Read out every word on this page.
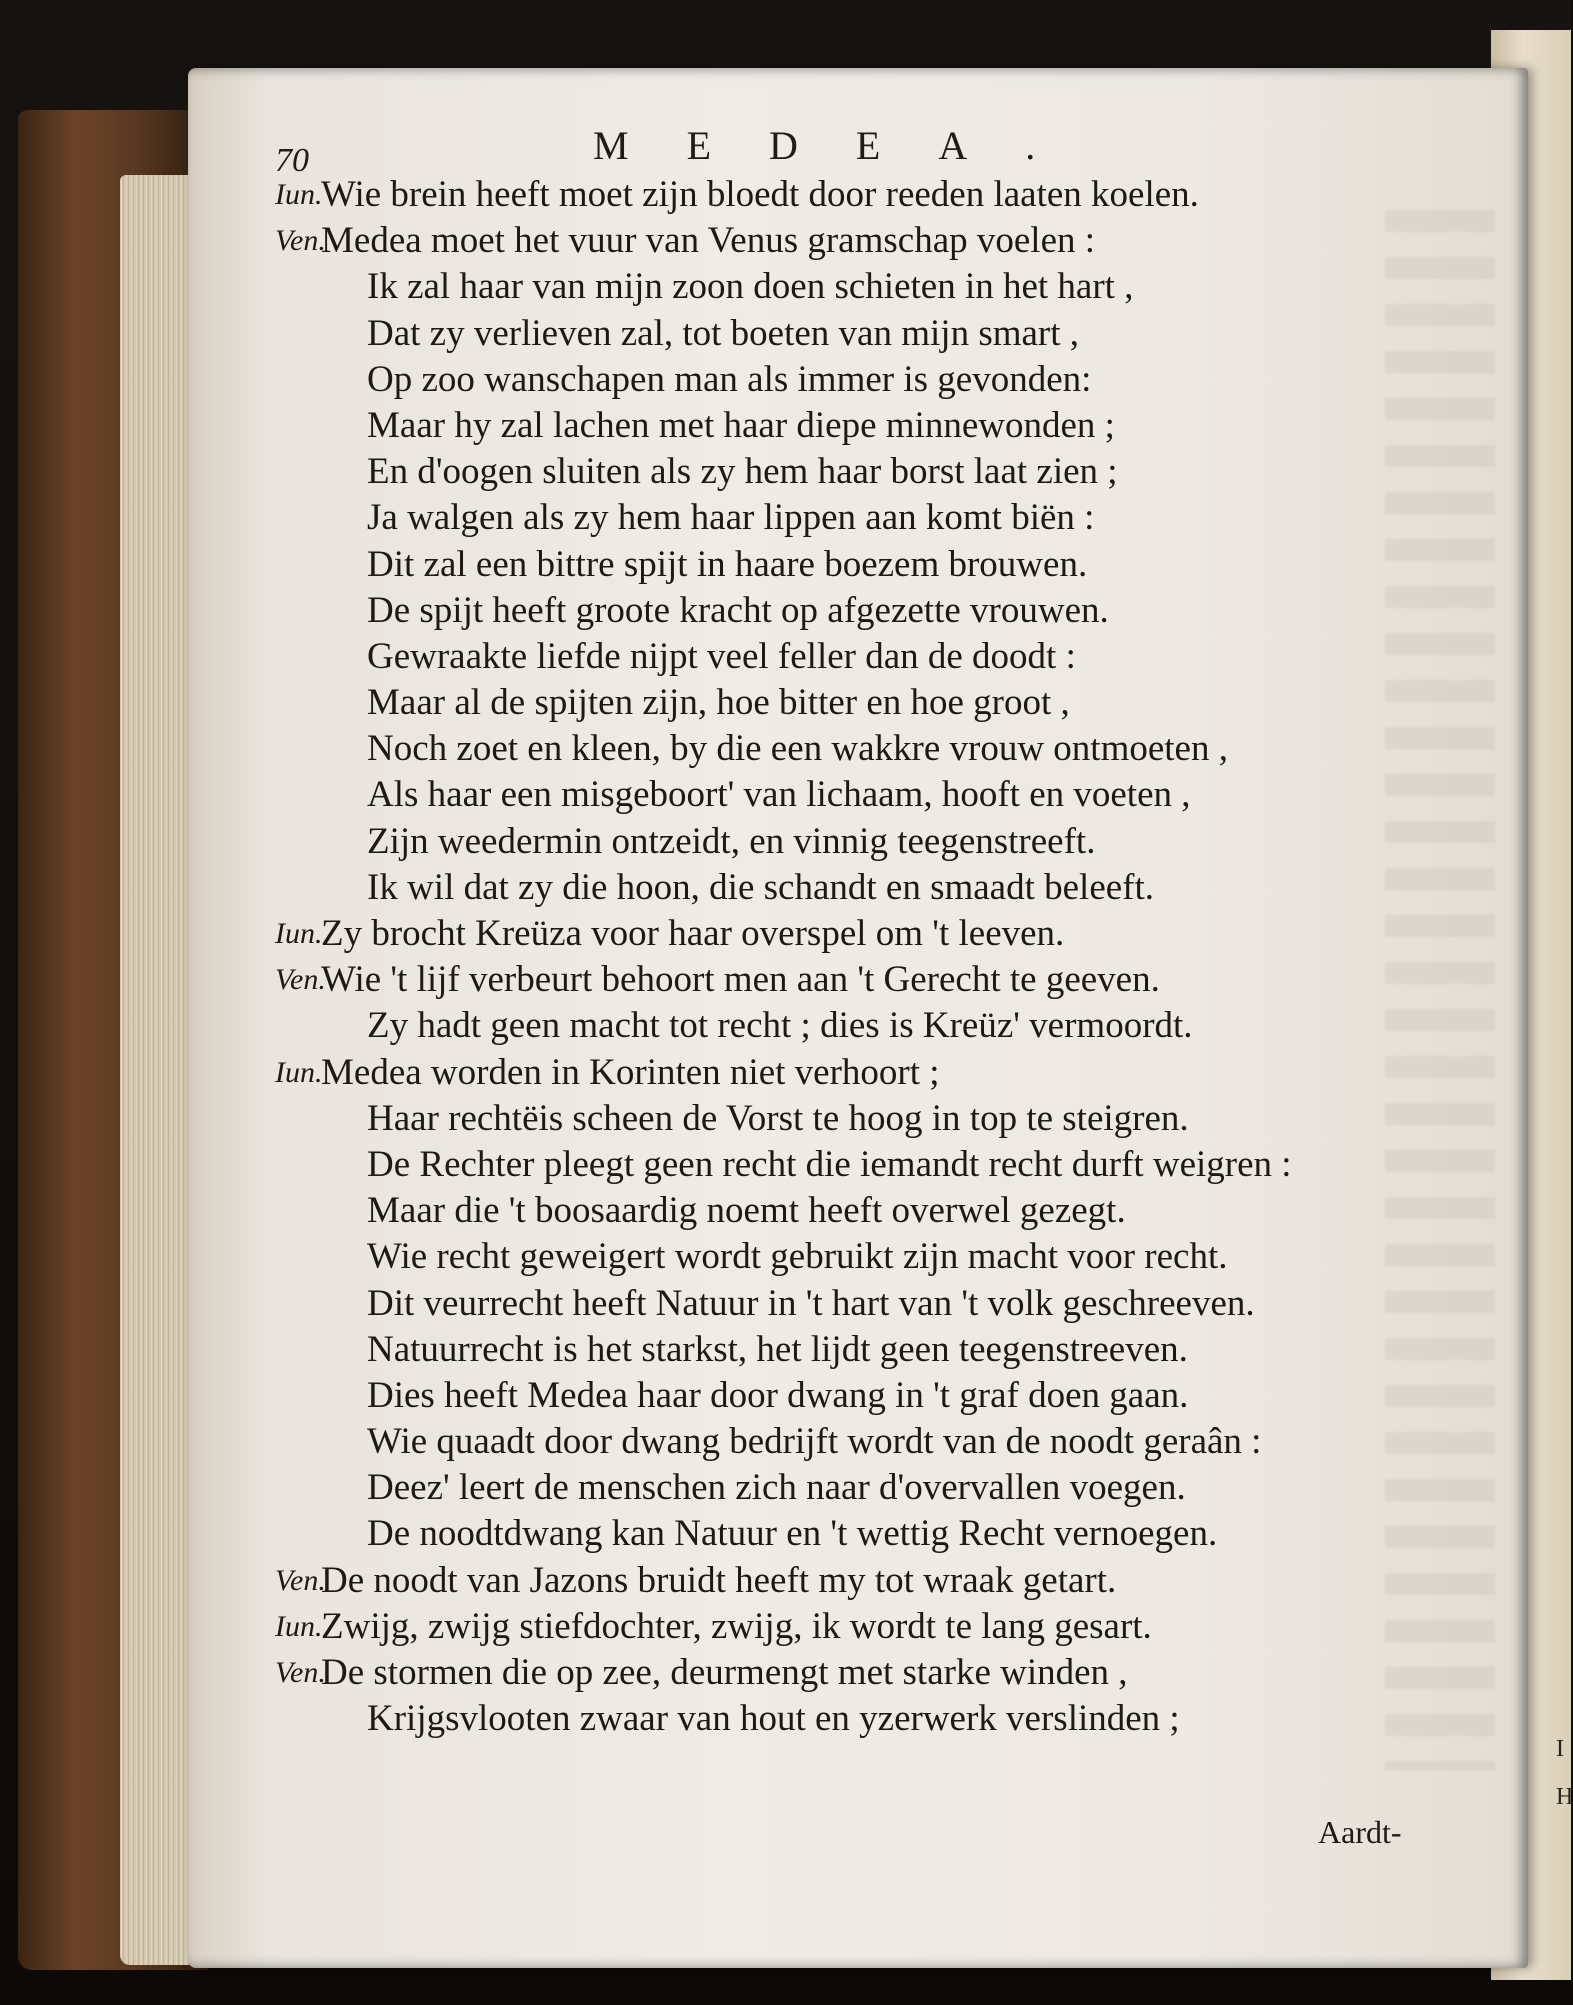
I
H
70	MEDEA.
Iun.
Wie brein heeft moet zijn bloedt door reeden laaten koelen.
Ven.
Medea moet het vuur van Venus gramschap voelen :
Ik zal haar van mijn zoon doen schieten in het hart ,
Dat zy verlieven zal, tot boeten van mijn smart ,
Op zoo wanschapen man als immer is gevonden:
Maar hy zal lachen met haar diepe minnewonden ;
En d'oogen sluiten als zy hem haar borst laat zien ;
Ja walgen als zy hem haar lippen aan komt biën :
Dit zal een bittre spijt in haare boezem brouwen.
De spijt heeft groote kracht op afgezette vrouwen.
Gewraakte liefde nijpt veel feller dan de doodt :
Maar al de spijten zijn, hoe bitter en hoe groot ,
Noch zoet en kleen, by die een wakkre vrouw ontmoeten ,
Als haar een misgeboort' van lichaam, hooft en voeten ,
Zijn weedermin ontzeidt, en vinnig teegenstreeft.
Ik wil dat zy die hoon, die schandt en smaadt beleeft.
Iun.
Zy brocht Kreüza voor haar overspel om 't leeven.
Ven.
Wie 't lijf verbeurt behoort men aan 't Gerecht te geeven.
Zy hadt geen macht tot recht ; dies is Kreüz' vermoordt.
Iun.
Medea worden in Korinten niet verhoort ;
Haar rechtëis scheen de Vorst te hoog in top te steigren.
De Rechter pleegt geen recht die iemandt recht durft weigren :
Maar die 't boosaardig noemt heeft overwel gezegt.
Wie recht geweigert wordt gebruikt zijn macht voor recht.
Dit veurrecht heeft Natuur in 't hart van 't volk geschreeven.
Natuurrecht is het starkst, het lijdt geen teegenstreeven.
Dies heeft Medea haar door dwang in 't graf doen gaan.
Wie quaadt door dwang bedrijft wordt van de noodt geraân :
Deez' leert de menschen zich naar d'overvallen voegen.
De noodtdwang kan Natuur en 't wettig Recht vernoegen.
Ven.
De noodt van Jazons bruidt heeft my tot wraak getart.
Iun.
Zwijg, zwijg stiefdochter, zwijg, ik wordt te lang gesart.
Ven.
De stormen die op zee, deurmengt met starke winden ,
Krijgsvlooten zwaar van hout en yzerwerk verslinden ;
Aardt-
